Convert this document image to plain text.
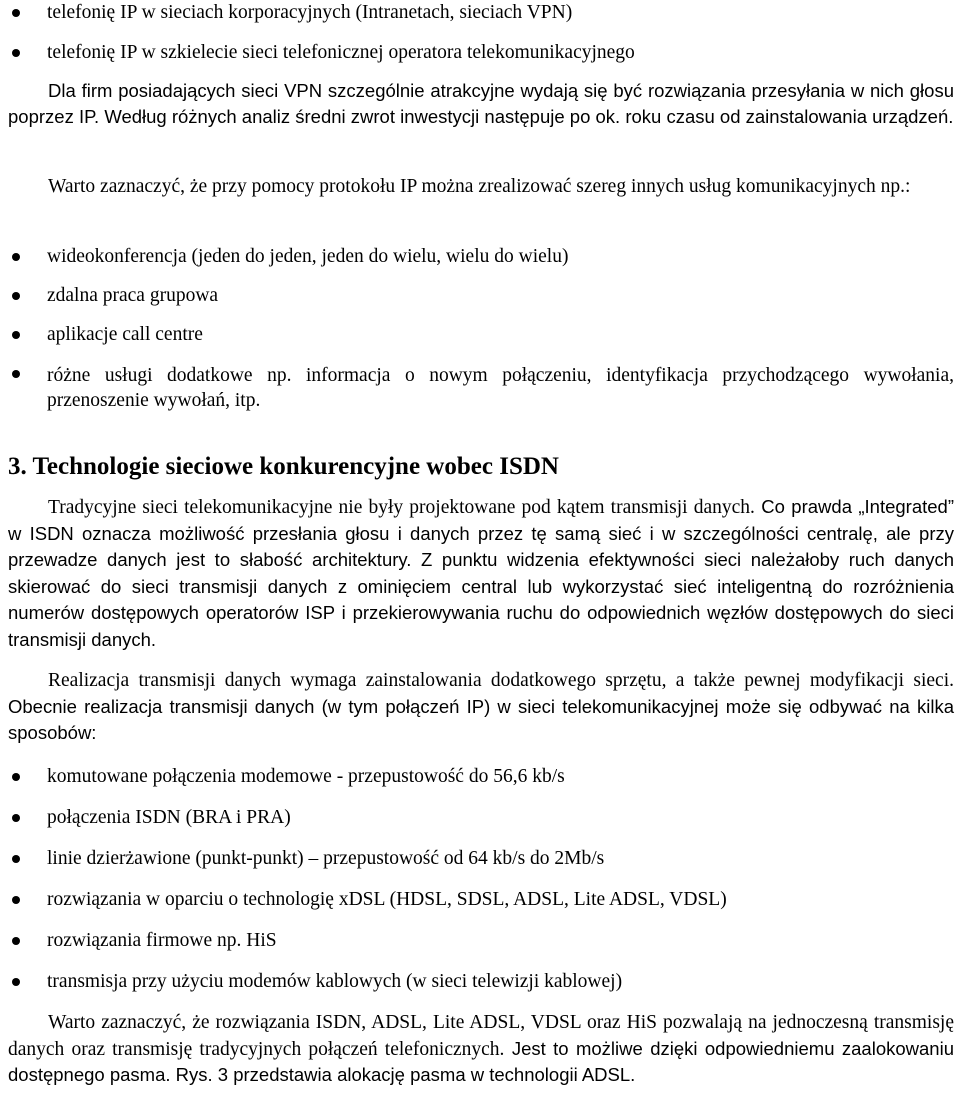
telefonię IP w sieciach korporacyjnych (Intranetach, sieciach VPN)
telefonię IP w szkielecie sieci telefonicznej operatora telekomunikacyjnego

Dla firm posiadających sieci VPN szczególnie atrakcyjne wydają się być rozwiązania przesyłania w nich głosu poprzez IP. Według różnych analiz średni zwrot inwestycji następuje po ok. roku czasu od zainstalowania urządzeń.

Warto zaznaczyć, że przy pomocy protokołu IP można zrealizować szereg innych usług komunikacyjnych np.:

wideokonferencja (jeden do jeden, jeden do wielu, wielu do wielu)
zdalna praca grupowa
aplikacje call centre
różne usługi dodatkowe np. informacja o nowym połączeniu, identyfikacja przychodzącego wywołania, przenoszenie wywołań, itp.
3. Technologie sieciowe konkurencyjne wobec ISDN

Tradycyjne sieci telekomunikacyjne nie były projektowane pod kątem transmisji danych. Co prawda „Integrated” w ISDN oznacza możliwość przesłania głosu i danych przez tę samą sieć i w szczególności centralę, ale przy przewadze danych jest to słabość architektury. Z punktu widzenia efektywności sieci należałoby ruch danych skierować do sieci transmisji danych z ominięciem central lub wykorzystać sieć inteligentną do rozróżnienia numerów dostępowych operatorów ISP i przekierowywania ruchu do odpowiednich węzłów dostępowych do sieci transmisji danych.

Realizacja transmisji danych wymaga zainstalowania dodatkowego sprzętu, a także pewnej modyfikacji sieci. Obecnie realizacja transmisji danych (w tym połączeń IP) w sieci telekomunikacyjnej może się odbywać na kilka sposobów:

komutowane połączenia modemowe - przepustowość do 56,6 kb/s
połączenia ISDN (BRA i PRA)
linie dzierżawione (punkt-punkt) – przepustowość od 64 kb/s do 2Mb/s
rozwiązania w oparciu o technologię xDSL (HDSL, SDSL, ADSL, Lite ADSL, VDSL)
rozwiązania firmowe np. HiS
transmisja przy użyciu modemów kablowych (w sieci telewizji kablowej)

Warto zaznaczyć, że rozwiązania ISDN, ADSL, Lite ADSL, VDSL oraz HiS pozwalają na jednoczesną transmisję danych oraz transmisję tradycyjnych połączeń telefonicznych. Jest to możliwe dzięki odpowiedniemu zaalokowaniu dostępnego pasma. Rys. 3 przedstawia alokację pasma w technologii ADSL.
